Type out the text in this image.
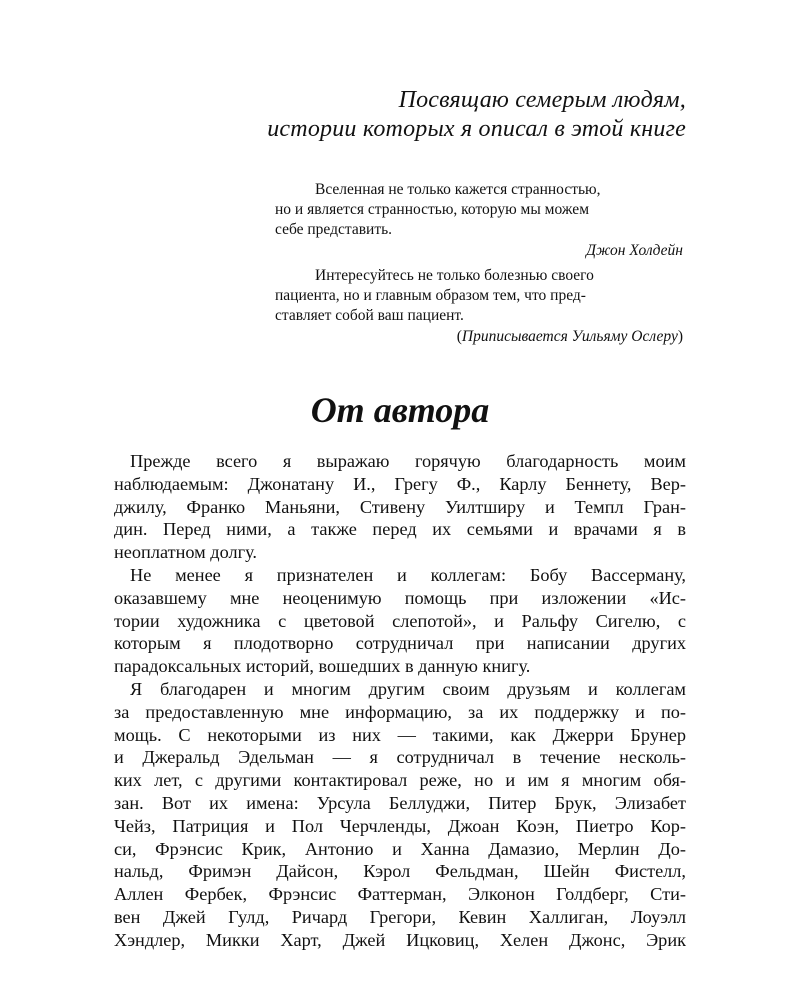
Посвящаю семерым людям,
истории которых я описал в этой книге
Вселенная не только кажется странностью,
но и является странностью, которую мы можем
себе представить.
Джон Холдейн
Интересуйтесь не только болезнью своего
пациента, но и главным образом тем, что пред-
ставляет собой ваш пациент.
(Приписывается Уильяму Ослеру)
От автора
Прежде всего я выражаю горячую благодарность моим
наблюдаемым: Джонатану И., Грегу Ф., Карлу Беннету, Вер-
джилу, Франко Маньяни, Стивену Уилтширу и Темпл Гран-
дин. Перед ними, а также перед их семьями и врачами я в
неоплатном долгу.
Не менее я признателен и коллегам: Бобу Вассерману,
оказавшему мне неоценимую помощь при изложении «Ис-
тории художника с цветовой слепотой», и Ральфу Сигелю, с
которым я плодотворно сотрудничал при написании других
парадоксальных историй, вошедших в данную книгу.
Я благодарен и многим другим своим друзьям и коллегам
за предоставленную мне информацию, за их поддержку и по-
мощь. С некоторыми из них — такими, как Джерри Брунер
и Джеральд Эдельман — я сотрудничал в течение несколь-
ких лет, с другими контактировал реже, но и им я многим обя-
зан. Вот их имена: Урсула Беллуджи, Питер Брук, Элизабет
Чейз, Патриция и Пол Черчленды, Джоан Коэн, Пиетро Кор-
си, Фрэнсис Крик, Антонио и Ханна Дамазио, Мерлин До-
нальд, Фримэн Дайсон, Кэрол Фельдман, Шейн Фистелл,
Аллен Фербек, Фрэнсис Фаттерман, Элконон Голдберг, Сти-
вен Джей Гулд, Ричард Грегори, Кевин Халлиган, Лоуэлл
Хэндлер, Микки Харт, Джей Ицковиц, Хелен Джонс, Эрик
